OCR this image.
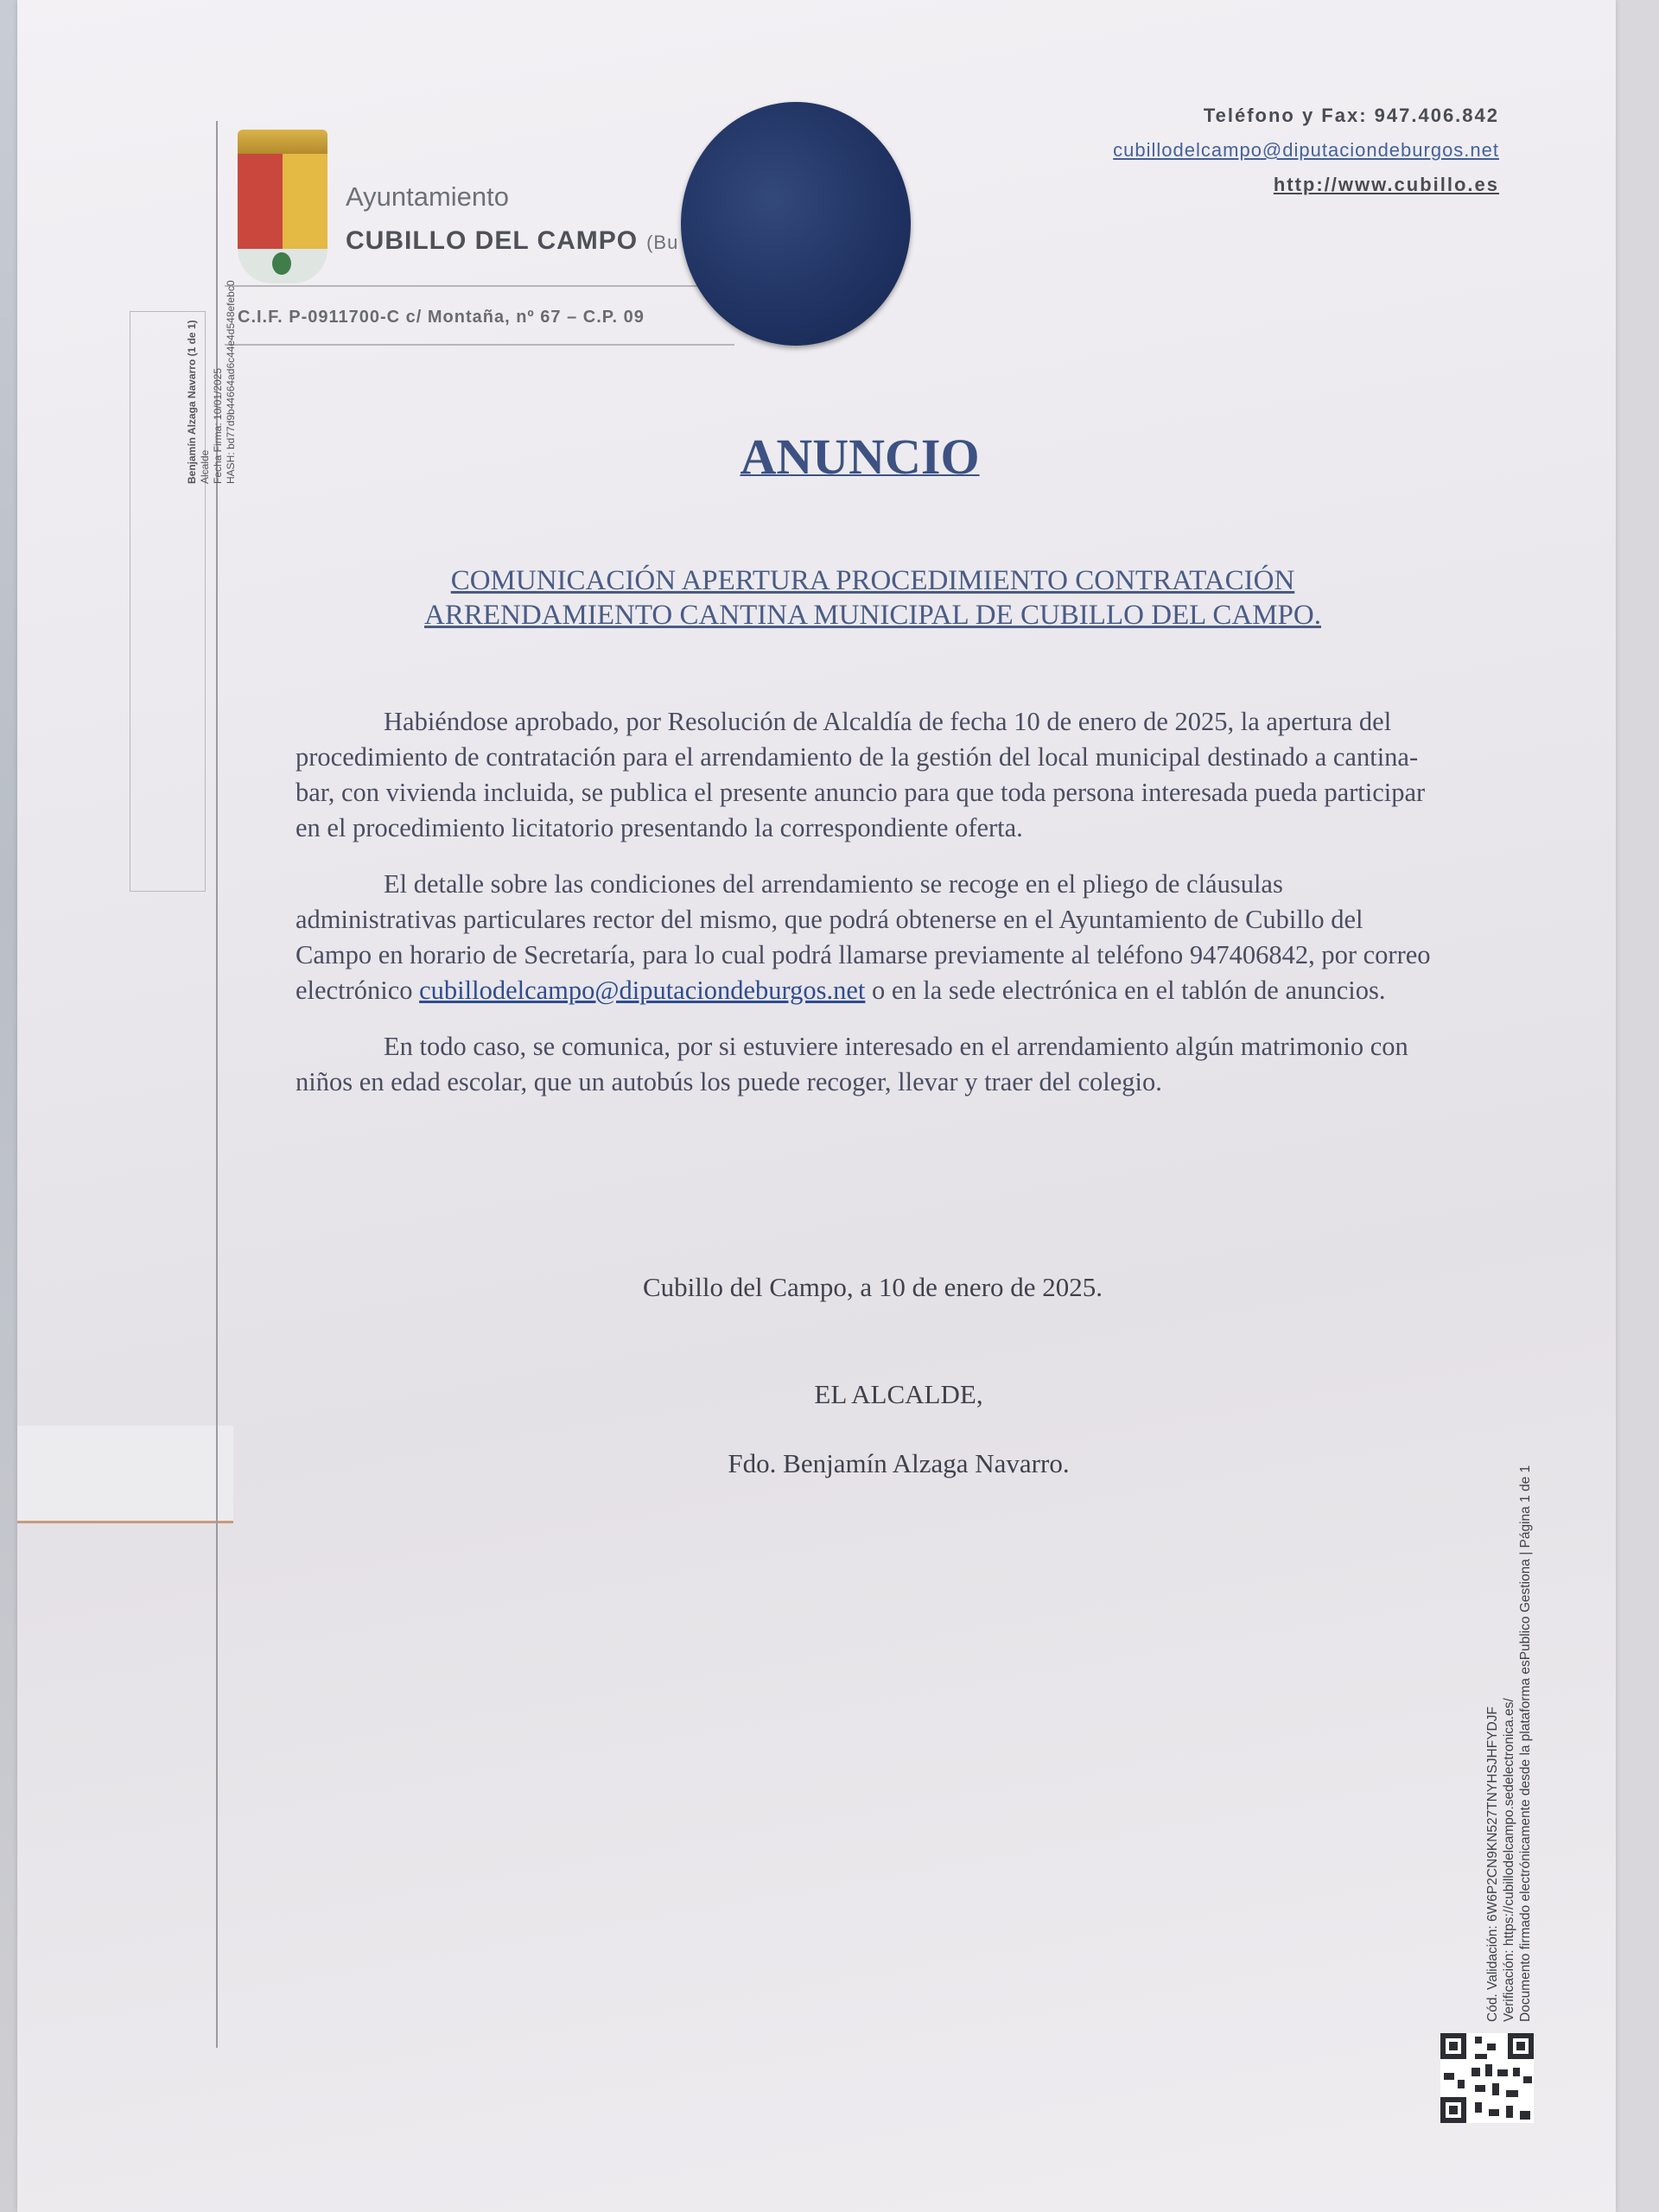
Ayuntamiento
CUBILLO DEL CAMPO (Bu
C.I.F. P-0911700-C c/ Montaña, nº 67 – C.P. 09
Teléfono y Fax: 947.406.842
cubillodelcampo@diputaciondeburgos.net
http://www.cubillo.es
Benjamín Alzaga Navarro (1 de 1) Alcalde Fecha Firma: 10/01/2025 HASH: bd77d9b44664ad6c44e4d548efebc0	ANUNCIO
COMUNICACIÓN APERTURA PROCEDIMIENTO CONTRATACIÓN
ARRENDAMIENTO CANTINA MUNICIPAL DE CUBILLO DEL CAMPO.

Habiéndose aprobado, por Resolución de Alcaldía de fecha 10 de enero de 2025, la apertura del procedimiento de contratación para el arrendamiento de la gestión del local municipal destinado a cantina-bar, con vivienda incluida, se publica el presente anuncio para que toda persona interesada pueda participar en el procedimiento licitatorio presentando la correspondiente oferta.

El detalle sobre las condiciones del arrendamiento se recoge en el pliego de cláusulas administrativas particulares rector del mismo, que podrá obtenerse en el Ayuntamiento de Cubillo del Campo en horario de Secretaría, para lo cual podrá llamarse previamente al teléfono 947406842, por correo electrónico cubillodelcampo@diputaciondeburgos.net o en la sede electrónica en el tablón de anuncios.

En todo caso, se comunica, por si estuviere interesado en el arrendamiento algún matrimonio con niños en edad escolar, que un autobús los puede recoger, llevar y traer del colegio.

Cubillo del Campo, a 10 de enero de 2025.
EL ALCALDE,
Fdo. Benjamín Alzaga Navarro.
Cód. Validación: 6W6P2CN9KN527TNYHSJHFYDJF Verificación: https://cubillodelcampo.sedelectronica.es/ Documento firmado electrónicamente desde la plataforma esPublico Gestiona | Página 1 de 1
